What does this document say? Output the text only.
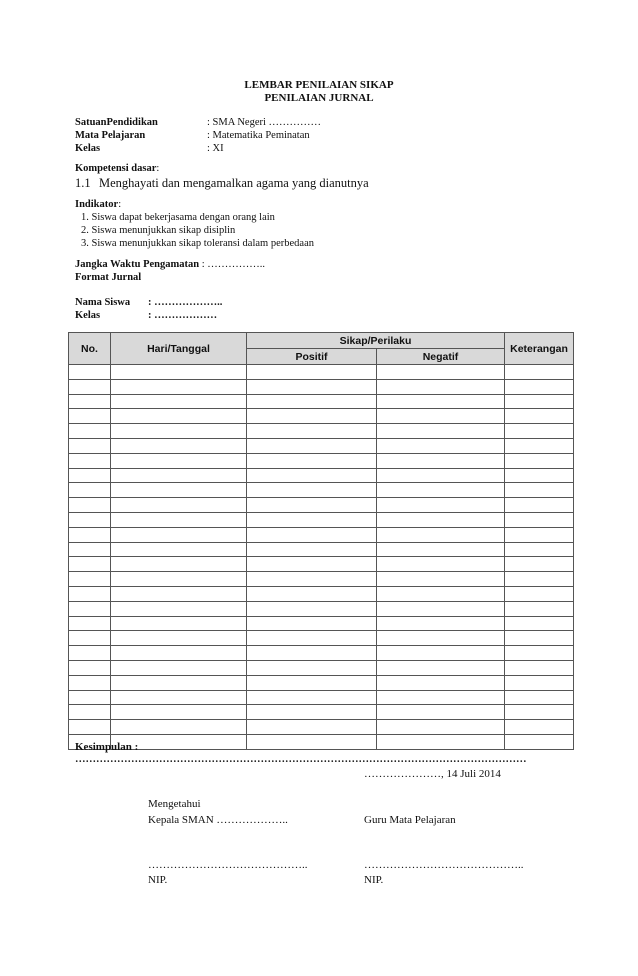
LEMBAR PENILAIAN SIKAP
PENILAIAN JURNAL
SatuanPendidikan	: SMA Negeri ……………
Mata Pelajaran	: Matematika Peminatan
Kelas	: XI
Kompetensi dasar:
1.1 Menghayati dan mengamalkan agama yang dianutnya
Indikator:
1. Siswa dapat bekerjasama dengan orang lain
2. Siswa menunjukkan sikap disiplin
3. Siswa menunjukkan sikap toleransi dalam perbedaan
Jangka Waktu Pengamatan : ……………..
Format Jurnal
Nama Siswa : ………………..
Kelas	: ………………
No.	Hari/Tanggal	Sikap/Perilaku		Keterangan
		Positif	Negatif	

Kesimpulan :
…………………………………………………………………………………………………………………
…………………, 14 Juli 2014
Mengetahui
Kepala SMAN ………………..	Guru Mata Pelajaran
……………………………………..	……………………………………..
NIP.	NIP.
